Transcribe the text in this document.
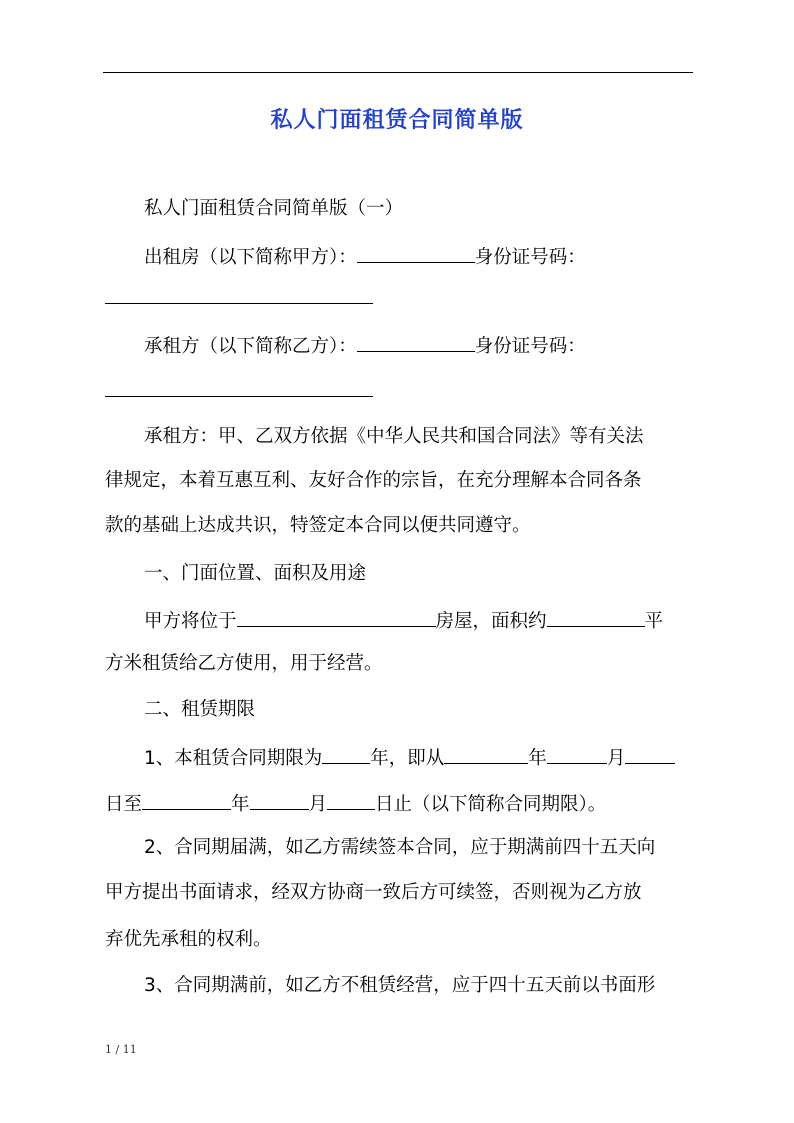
私人门面租赁合同简单版
私人门面租赁合同简单版（一）
出租房（以下简称甲方）：	身份证号码：
承租方（以下简称乙方）：	身份证号码：
承租方：甲、乙双方依据《中华人民共和国合同法》等有关法
律规定，本着互惠互利、友好合作的宗旨，在充分理解本合同各条
款的基础上达成共识，特签定本合同以便共同遵守。
一、门面位置、面积及用途
甲方将位于	房屋，面积约	平
方米租赁给乙方使用，用于经营。
二、租赁期限
1、本租赁合同期限为	年，即从	年	月
日至	年	月	日止（以下简称合同期限）。
2、合同期届满，如乙方需续签本合同，应于期满前四十五天向
甲方提出书面请求，经双方协商一致后方可续签，否则视为乙方放
弃优先承租的权利。
3、合同期满前，如乙方不租赁经营，应于四十五天前以书面形
1 / 11
